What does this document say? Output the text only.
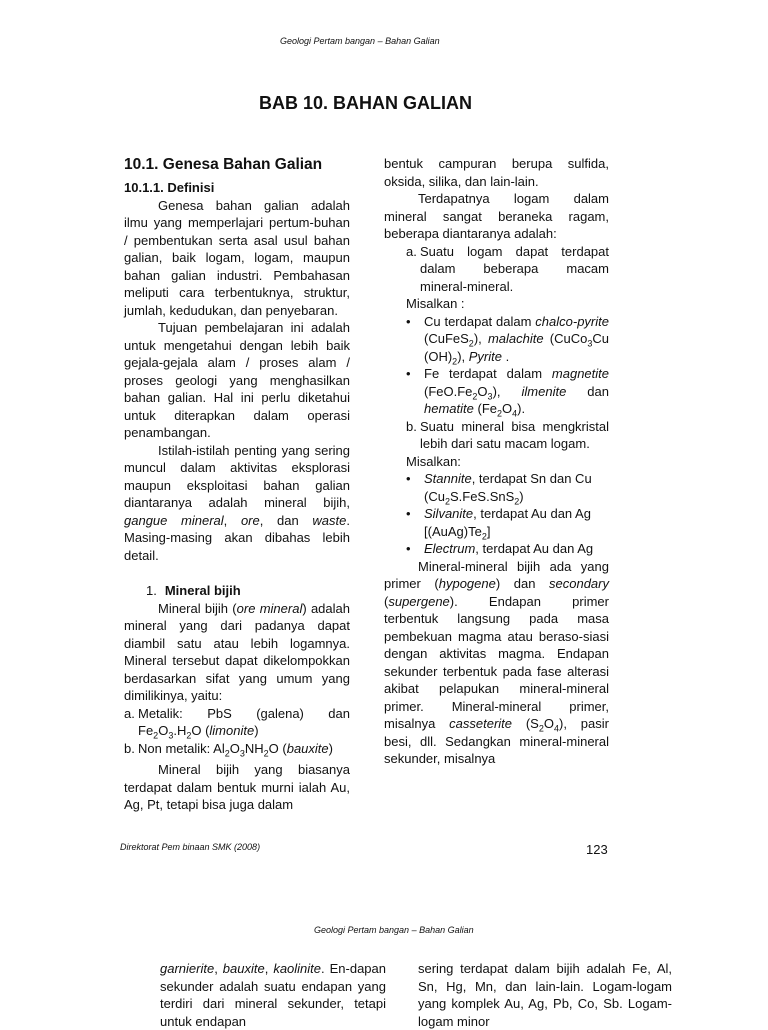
Geologi Pertam bangan – Bahan Galian
BAB 10. BAHAN GALIAN
10.1. Genesa Bahan Galian
10.1.1. Definisi

Genesa bahan galian adalah ilmu yang memperlajari pertum-buhan / pembentukan serta asal usul bahan galian, baik logam, logam, maupun bahan galian industri. Pembahasan meliputi cara terbentuknya, struktur, jumlah, kedudukan, dan penyebaran.

Tujuan pembelajaran ini adalah untuk mengetahui dengan lebih baik gejala-gejala alam / proses alam / proses geologi yang menghasilkan bahan galian. Hal ini perlu diketahui untuk diterapkan dalam operasi penambangan.

Istilah-istilah penting yang sering muncul dalam aktivitas eksplorasi maupun eksploitasi bahan galian diantaranya adalah mineral bijih, gangue mineral, ore, dan waste. Masing-masing akan dibahas lebih detail.

1. Mineral bijih

Mineral bijih (ore mineral) adalah mineral yang dari padanya dapat diambil satu atau lebih logamnya. Mineral tersebut dapat dikelompokkan berdasarkan sifat yang umum yang dimilikinya, yaitu:

a. Metalik: PbS (galena) dan $Fe_2O_3.H_2O$ (limonite)
b. Non metalik: $Al_2O_3NH_2O$ (bauxite)

Mineral bijih yang biasanya terdapat dalam bentuk murni ialah Au, Ag, Pt, tetapi bisa juga dalam

bentuk campuran berupa sulfida, oksida, silika, dan lain-lain.

Terdapatnya logam dalam mineral sangat beraneka ragam, beberapa diantaranya adalah:

a. Suatu logam dapat terdapat dalam beberapa macam mineral-mineral.
Misalkan :
•	Cu terdapat dalam chalco-pyrite (CuFeS$_2$), malachite (CuCo$_3$Cu $(OH)_2$), Pyrite .
•	Fe terdapat dalam magnetite $(FeO.Fe_2O_3)$, ilmenite dan hematite $(Fe_2O_4)$.
b. Suatu mineral bisa mengkristal lebih dari satu macam logam.
Misalkan:
•	Stannite, terdapat Sn dan Cu $(Cu_2S.FeS.SnS_2)$
•	Silvanite, terdapat Au dan Ag $[(AuAg)Te_2]$
•	Electrum, terdapat Au dan Ag

Mineral-mineral bijih ada yang primer (hypogene) dan secondary (supergene). Endapan primer terbentuk langsung pada masa pembekuan magma atau beraso-siasi dengan aktivitas magma. Endapan sekunder terbentuk pada fase alterasi akibat pelapukan mineral-mineral primer. Mineral-mineral primer, misalnya casseterite $(S_2O_4)$, pasir besi, dll. Sedangkan mineral-mineral sekunder, misalnya

Direktorat Pem binaan SMK (2008)	123
Geologi Pertam bangan – Bahan Galian

garnierite, bauxite, kaolinite. En-dapan sekunder adalah suatu endapan yang terdiri dari mineral sekunder, tetapi untuk endapan

sering terdapat dalam bijih adalah Fe, Al, Sn, Hg, Mn, dan lain-lain. Logam-logam yang komplek Au, Ag, Pb, Co, Sb. Logam-logam minor
